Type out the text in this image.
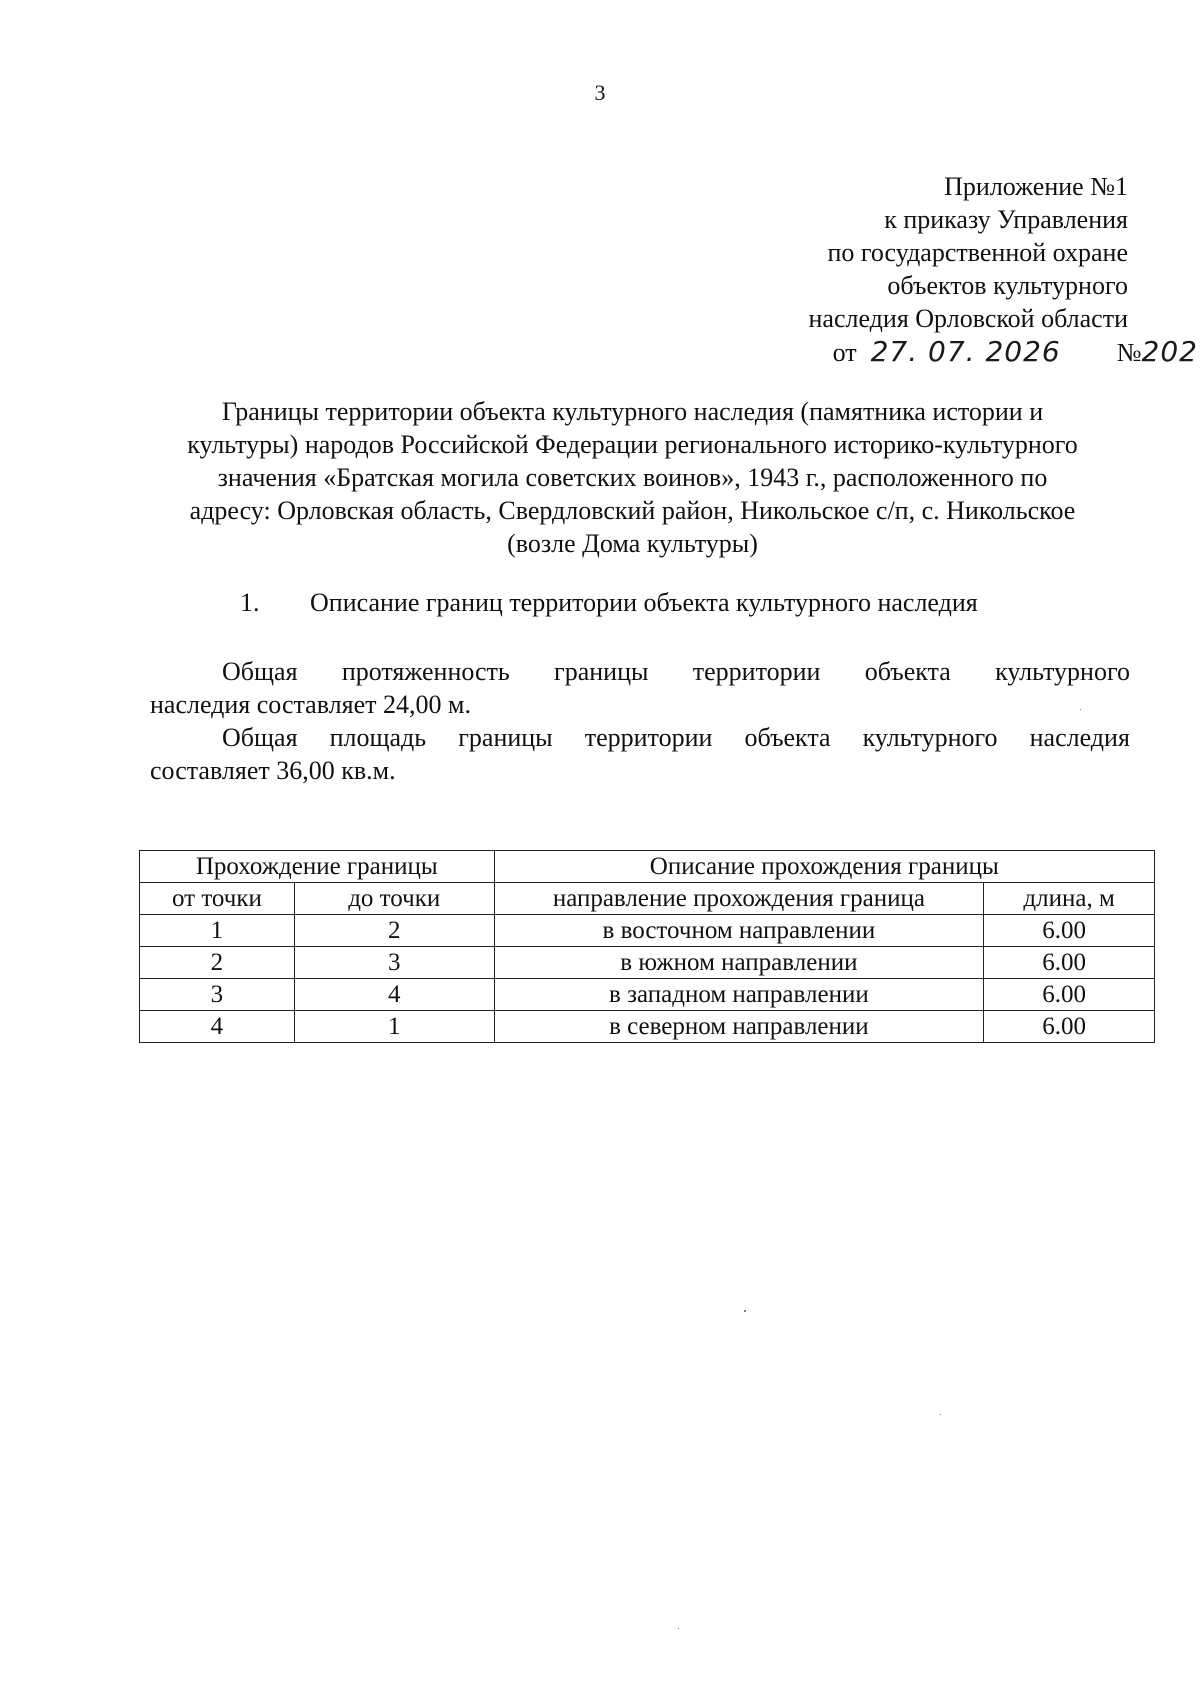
3
Приложение №1
к приказу Управления
по государственной охране
объектов культурного
наследия Орловской области
от 27. 07. 2026 №202
Границы территории объекта культурного наследия (памятника истории и
культуры) народов Российской Федерации регионального историко-культурного
значения «Братская могила советских воинов», 1943 г., расположенного по
адресу: Орловская область, Свердловский район, Никольское с/п, с. Никольское
(возле Дома культуры)
1. Описание границ территории объекта культурного наследия
Общая протяженность границы территории объекта культурного
наследия составляет 24,00 м.
Общая площадь границы территории объекта культурного наследия
составляет 36,00 кв.м.
Прохождение границы		Описание прохождения границы	
от точки	до точки	направление прохождения граница	длина, м
1	2	в восточном направлении	6.00
2	3	в южном направлении	6.00
3	4	в западном направлении	6.00
4	1	в северном направлении	6.00
